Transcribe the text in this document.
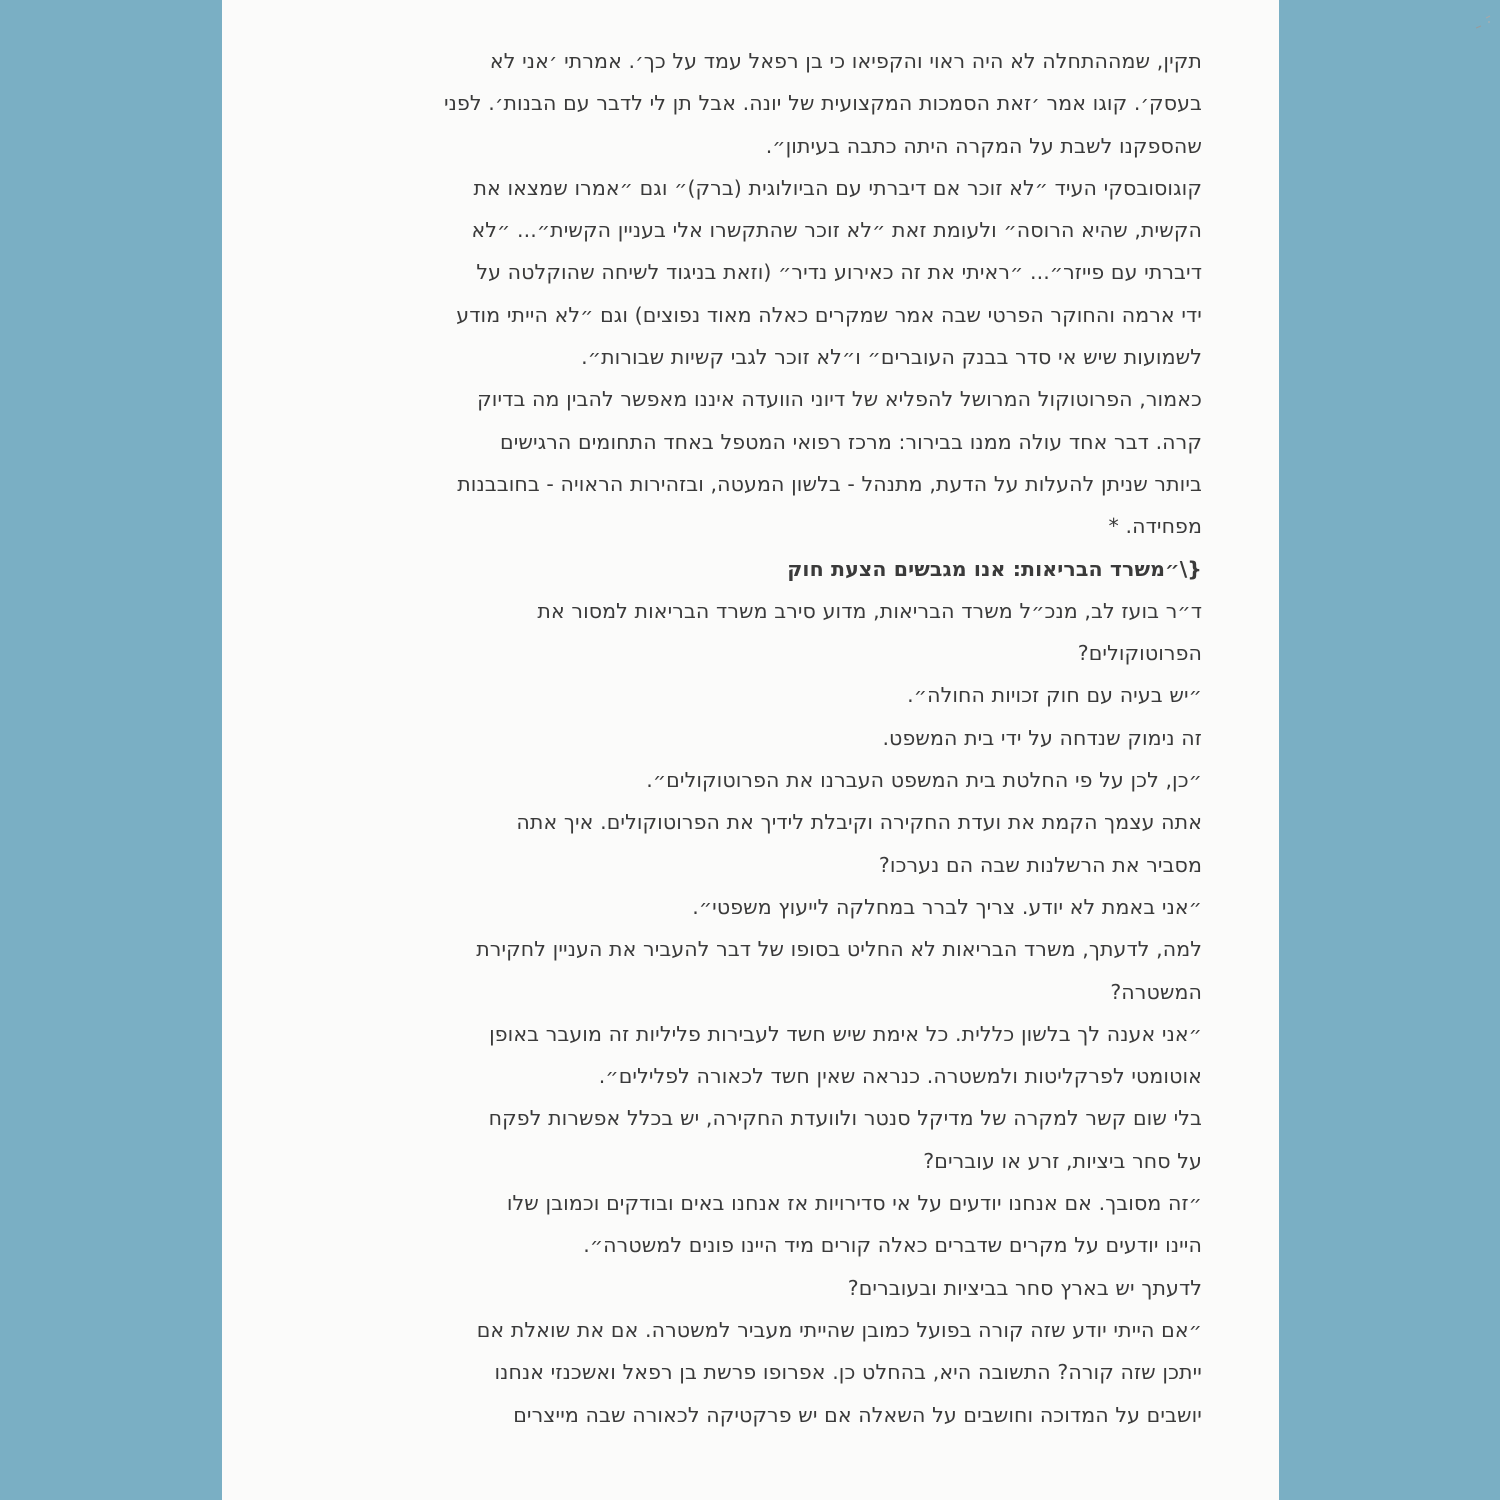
תקין, שמההתחלה לא היה ראוי והקפיאו כי בן רפאל עמד על כך׳. אמרתי ׳אני לא
בעסק׳. קוגו אמר ׳זאת הסמכות המקצועית של יונה. אבל תן לי לדבר עם הבנות׳. לפני
שהספקנו לשבת על המקרה היתה כתבה בעיתון״.
קוגוסובסקי העיד ״לא זוכר אם דיברתי עם הביולוגית (ברק)״ וגם ״אמרו שמצאו את
הקשית, שהיא הרוסה״ ולעומת זאת ״לא זוכר שהתקשרו אלי בעניין הקשית״... ״לא
דיברתי עם פייזר״... ״ראיתי את זה כאירוע נדיר״ (וזאת בניגוד לשיחה שהוקלטה על
ידי ארמה והחוקר הפרטי שבה אמר שמקרים כאלה מאוד נפוצים) וגם ״לא הייתי מודע
לשמועות שיש אי סדר בבנק העוברים״ ו״לא זוכר לגבי קשיות שבורות״.
כאמור, הפרוטוקול המרושל להפליא של דיוני הוועדה איננו מאפשר להבין מה בדיוק
קרה. דבר אחד עולה ממנו בבירור: מרכז רפואי המטפל באחד התחומים הרגישים
ביותר שניתן להעלות על הדעת, מתנהל - בלשון המעטה, ובזהירות הראויה - בחובבנות
מפחידה. *
{\״משרד הבריאות: אנו מגבשים הצעת חוק
ד״ר בועז לב, מנכ״ל משרד הבריאות, מדוע סירב משרד הבריאות למסור את
הפרוטוקולים?
״יש בעיה עם חוק זכויות החולה״.
זה נימוק שנדחה על ידי בית המשפט.
״כן, לכן על פי החלטת בית המשפט העברנו את הפרוטוקולים״.
אתה עצמך הקמת את ועדת החקירה וקיבלת לידיך את הפרוטוקולים. איך אתה
מסביר את הרשלנות שבה הם נערכו?
״אני באמת לא יודע. צריך לברר במחלקה לייעוץ משפטי״.
למה, לדעתך, משרד הבריאות לא החליט בסופו של דבר להעביר את העניין לחקירת
המשטרה?
״אני אענה לך בלשון כללית. כל אימת שיש חשד לעבירות פליליות זה מועבר באופן
אוטומטי לפרקליטות ולמשטרה. כנראה שאין חשד לכאורה לפלילים״.
בלי שום קשר למקרה של מדיקל סנטר ולוועדת החקירה, יש בכלל אפשרות לפקח
על סחר ביציות, זרע או עוברים?
״זה מסובך. אם אנחנו יודעים על אי סדירויות אז אנחנו באים ובודקים וכמובן שלו
היינו יודעים על מקרים שדברים כאלה קורים מיד היינו פונים למשטרה״.
לדעתך יש בארץ סחר בביציות ובעוברים?
״אם הייתי יודע שזה קורה בפועל כמובן שהייתי מעביר למשטרה. אם את שואלת אם
ייתכן שזה קורה? התשובה היא, בהחלט כן. אפרופו פרשת בן רפאל ואשכנזי אנחנו
יושבים על המדוכה וחושבים על השאלה אם יש פרקטיקה לכאורה שבה מייצרים
